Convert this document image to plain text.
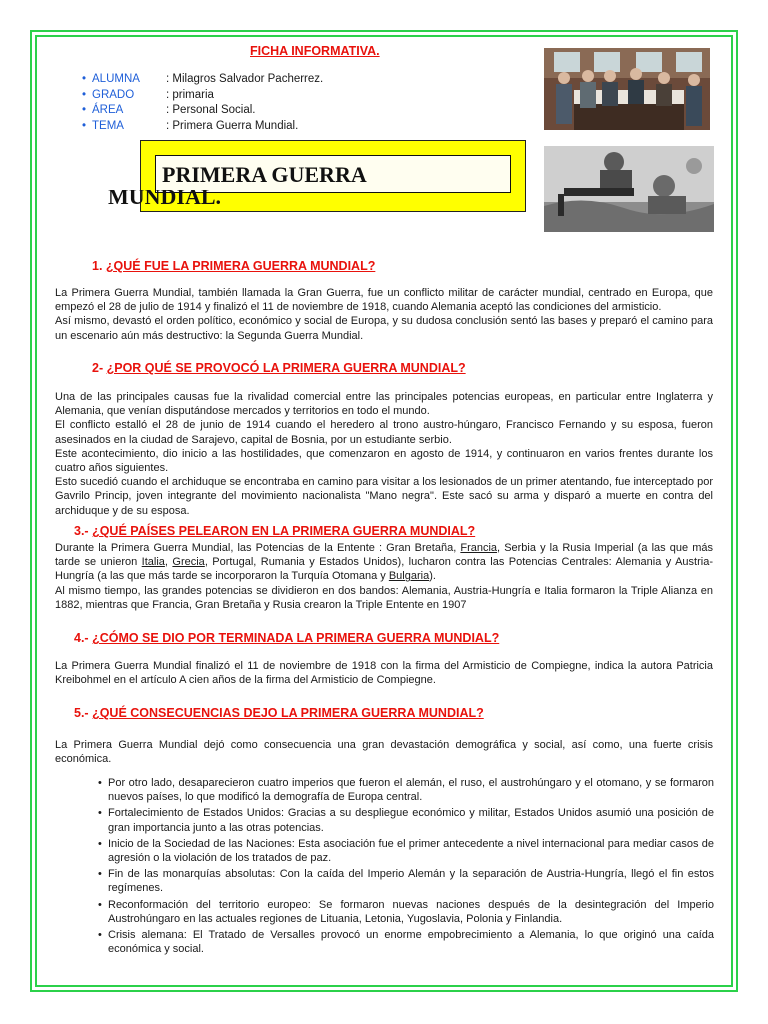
FICHA INFORMATIVA.
• ALUMNA : Milagros Salvador Pacherrez.
• GRADO	: primaria
• ÁREA	: Personal Social.
• TEMA	: Primera Guerra Mundial.
PRIMERA GUERRA
MUNDIAL.
1. ¿QUÉ FUE LA PRIMERA GUERRA MUNDIAL?
La Primera Guerra Mundial, también llamada la Gran Guerra, fue un conflicto militar de carácter mundial, centrado en Europa, que empezó el 28 de julio de 1914 y finalizó el 11 de noviembre de 1918, cuando Alemania aceptó las condiciones del armisticio.
Así mismo, devastó el orden político, económico y social de Europa, y su dudosa conclusión sentó las bases y preparó el camino para un escenario aún más destructivo: la Segunda Guerra Mundial.
2- ¿POR QUÉ SE PROVOCÓ LA PRIMERA GUERRA MUNDIAL?
Una de las principales causas fue la rivalidad comercial entre las principales potencias europeas, en particular entre Inglaterra y Alemania, que venían disputándose mercados y territorios en todo el mundo.
El conflicto estalló el 28 de junio de 1914 cuando el heredero al trono austro-húngaro, Francisco Fernando y su esposa, fueron asesinados en la ciudad de Sarajevo, capital de Bosnia, por un estudiante serbio.
Este acontecimiento, dio inicio a las hostilidades, que comenzaron en agosto de 1914, y continuaron en varios frentes durante los cuatro años siguientes.
Esto sucedió cuando el archiduque se encontraba en camino para visitar a los lesionados de un primer atentando, fue interceptado por Gavrilo Princip, joven integrante del movimiento nacionalista "Mano negra". Este sacó su arma y disparó a muerte en contra del archiduque y de su esposa.
3.- ¿QUÉ PAÍSES PELEARON EN LA PRIMERA GUERRA MUNDIAL?
Durante la Primera Guerra Mundial, las Potencias de la Entente : Gran Bretaña, Francia, Serbia y la Rusia Imperial (a las que más tarde se unieron Italia, Grecia, Portugal, Rumania y Estados Unidos), lucharon contra las Potencias Centrales: Alemania y Austria-Hungría (a las que más tarde se incorporaron la Turquía Otomana y Bulgaria).
Al mismo tiempo, las grandes potencias se dividieron en dos bandos: Alemania, Austria-Hungría e Italia formaron la Triple Alianza en 1882, mientras que Francia, Gran Bretaña y Rusia crearon la Triple Entente en 1907
4.- ¿CÓMO SE DIO POR TERMINADA LA PRIMERA GUERRA MUNDIAL?
La Primera Guerra Mundial finalizó el 11 de noviembre de 1918 con la firma del Armisticio de Compiegne, indica la autora Patricia Kreibohmel en el artículo A cien años de la firma del Armisticio de Compiegne.
5.- ¿QUÉ CONSECUENCIAS DEJO LA PRIMERA GUERRA MUNDIAL?
La Primera Guerra Mundial dejó como consecuencia una gran devastación demográfica y social, así como, una fuerte crisis económica.
• Por otro lado, desaparecieron cuatro imperios que fueron el alemán, el ruso, el austrohúngaro y el otomano, y se formaron nuevos países, lo que modificó la demografía de Europa central.
• Fortalecimiento de Estados Unidos: Gracias a su despliegue económico y militar, Estados Unidos asumió una posición de gran importancia junto a las otras potencias.
• Inicio de la Sociedad de las Naciones: Esta asociación fue el primer antecedente a nivel internacional para mediar casos de agresión o la violación de los tratados de paz.
• Fin de las monarquías absolutas: Con la caída del Imperio Alemán y la separación de Austria-Hungría, llegó el fin estos regímenes.
• Reconformación del territorio europeo: Se formaron nuevas naciones después de la desintegración del Imperio Austrohúngaro en las actuales regiones de Lituania, Letonia, Yugoslavia, Polonia y Finlandia.
• Crisis alemana: El Tratado de Versalles provocó un enorme empobrecimiento a Alemania, lo que originó una caída económica y social.
